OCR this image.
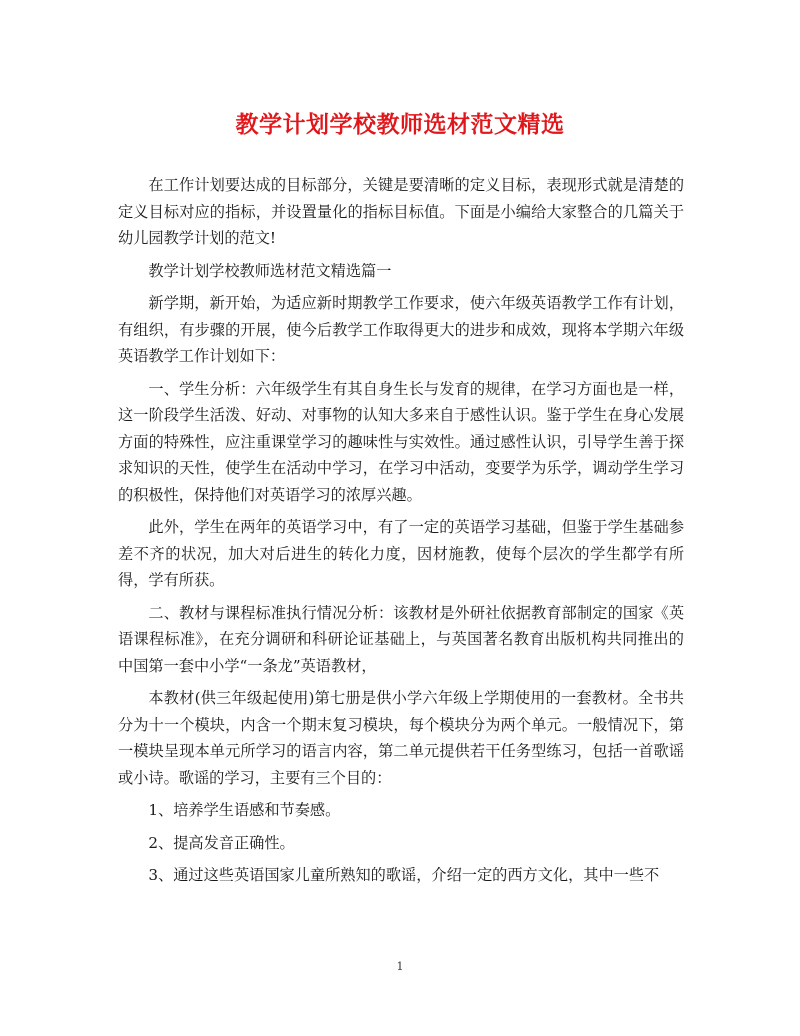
教学计划学校教师选材范文精选

在工作计划要达成的目标部分，关键是要清晰的定义目标，表现形式就是清楚的定义目标对应的指标，并设置量化的指标目标值。下面是小编给大家整合的几篇关于幼儿园教学计划的范文!

教学计划学校教师选材范文精选篇一

新学期，新开始，为适应新时期教学工作要求，使六年级英语教学工作有计划，有组织，有步骤的开展，使今后教学工作取得更大的进步和成效，现将本学期六年级英语教学工作计划如下：

一、学生分析：六年级学生有其自身生长与发育的规律，在学习方面也是一样，这一阶段学生活泼、好动、对事物的认知大多来自于感性认识。鉴于学生在身心发展方面的特殊性，应注重课堂学习的趣味性与实效性。通过感性认识，引导学生善于探求知识的天性，使学生在活动中学习，在学习中活动，变要学为乐学，调动学生学习的积极性，保持他们对英语学习的浓厚兴趣。

此外，学生在两年的英语学习中，有了一定的英语学习基础，但鉴于学生基础参差不齐的状况，加大对后进生的转化力度，因材施教，使每个层次的学生都学有所得，学有所获。

二、教材与课程标准执行情况分析：该教材是外研社依据教育部制定的国家《英语课程标准》，在充分调研和科研论证基础上，与英国著名教育出版机构共同推出的中国第一套中小学“一条龙”英语教材，

本教材(供三年级起使用)第七册是供小学六年级上学期使用的一套教材。全书共分为十一个模块，内含一个期末复习模块，每个模块分为两个单元。一般情况下，第一模块呈现本单元所学习的语言内容，第二单元提供若干任务型练习，包括一首歌谣或小诗。歌谣的学习，主要有三个目的：

1、培养学生语感和节奏感。

2、提高发音正确性。

3、通过这些英语国家儿童所熟知的歌谣，介绍一定的西方文化，其中一些不

1
